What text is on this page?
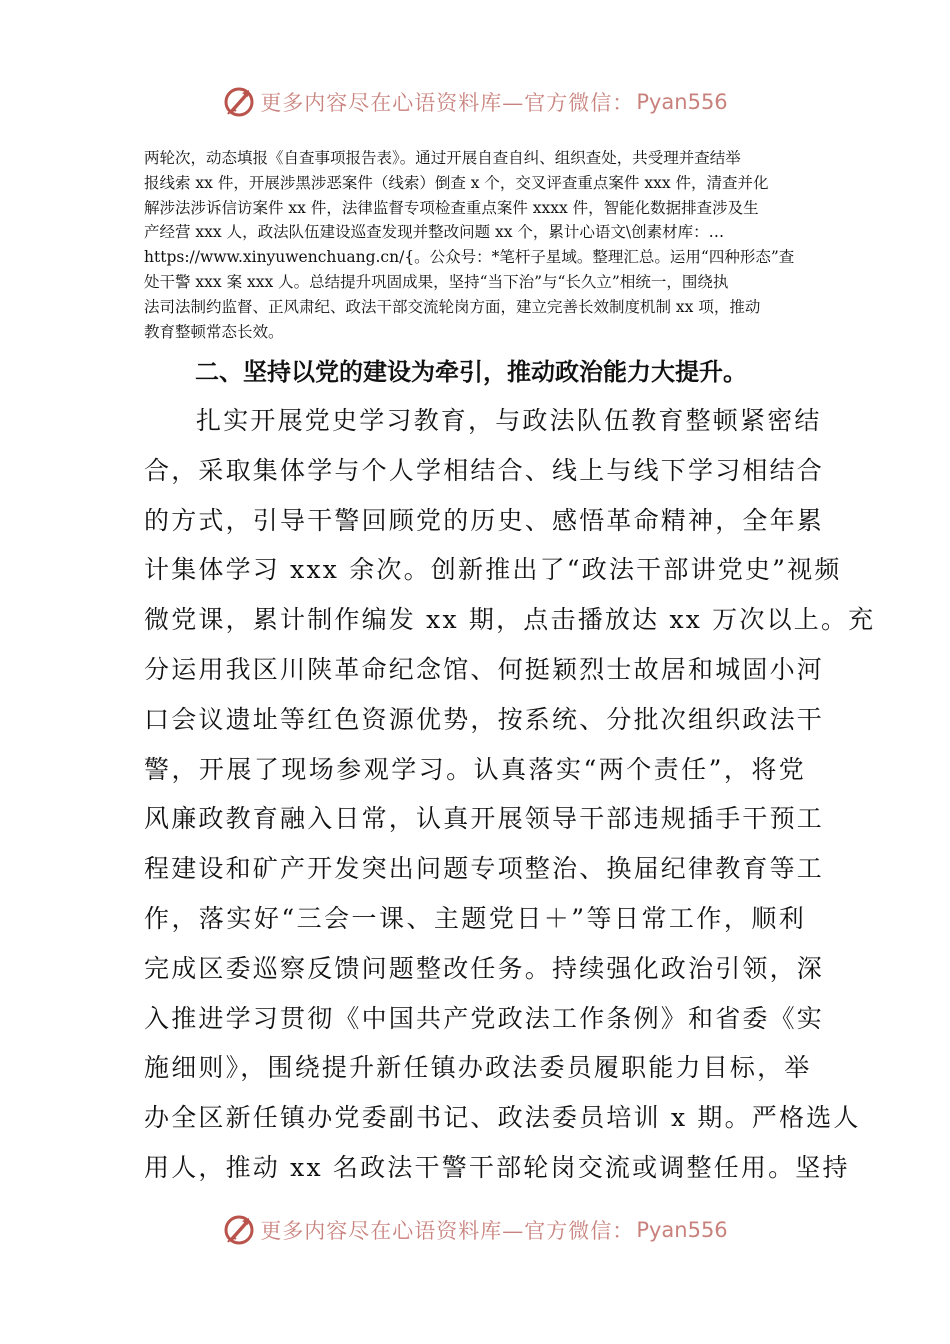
更多内容尽在心语资料库—官方微信： Pyan556

两轮次，动态填报《自查事项报告表》。通过开展自查自纠、组织查处，共受理并查结举

报线索 xx 件，开展涉黑涉恶案件（线索）倒查 x 个，交叉评查重点案件 xxx 件，清查并化

解涉法涉诉信访案件 xx 件，法律监督专项检查重点案件 xxxx 件，智能化数据排查涉及生

产经营 xxx 人，政法队伍建设巡查发现并整改问题 xx 个，累计心语文\创素材库：…

https://www.xinyuwenchuang.cn/{。公众号：*笔杆子星域。整理汇总。运用“四种形态”查

处干警 xxx 案 xxx 人。总结提升巩固成果，坚持“当下治”与“长久立”相统一，围绕执

法司法制约监督、正风肃纪、政法干部交流轮岗方面，建立完善长效制度机制 xx 项，推动

教育整顿常态长效。

二、坚持以党的建设为牵引，推动政治能力大提升。
扎实开展党史学习教育，与政法队伍教育整顿紧密结
合，采取集体学与个人学相结合、线上与线下学习相结合
的方式，引导干警回顾党的历史、感悟革命精神，全年累
计集体学习 xxx 余次。创新推出了“政法干部讲党史”视频
微党课，累计制作编发 xx 期，点击播放达 xx 万次以上。充
分运用我区川陕革命纪念馆、何挺颖烈士故居和城固小河
口会议遗址等红色资源优势，按系统、分批次组织政法干
警，开展了现场参观学习。认真落实“两个责任”，将党
风廉政教育融入日常，认真开展领导干部违规插手干预工
程建设和矿产开发突出问题专项整治、换届纪律教育等工
作，落实好“三会一课、主题党日＋”等日常工作，顺利
完成区委巡察反馈问题整改任务。持续强化政治引领，深
入推进学习贯彻《中国共产党政法工作条例》和省委《实
施细则》，围绕提升新任镇办政法委员履职能力目标，举
办全区新任镇办党委副书记、政法委员培训 x 期。严格选人
用人，推动 xx 名政法干警干部轮岗交流或调整任用。坚持
更多内容尽在心语资料库—官方微信： Pyan556
